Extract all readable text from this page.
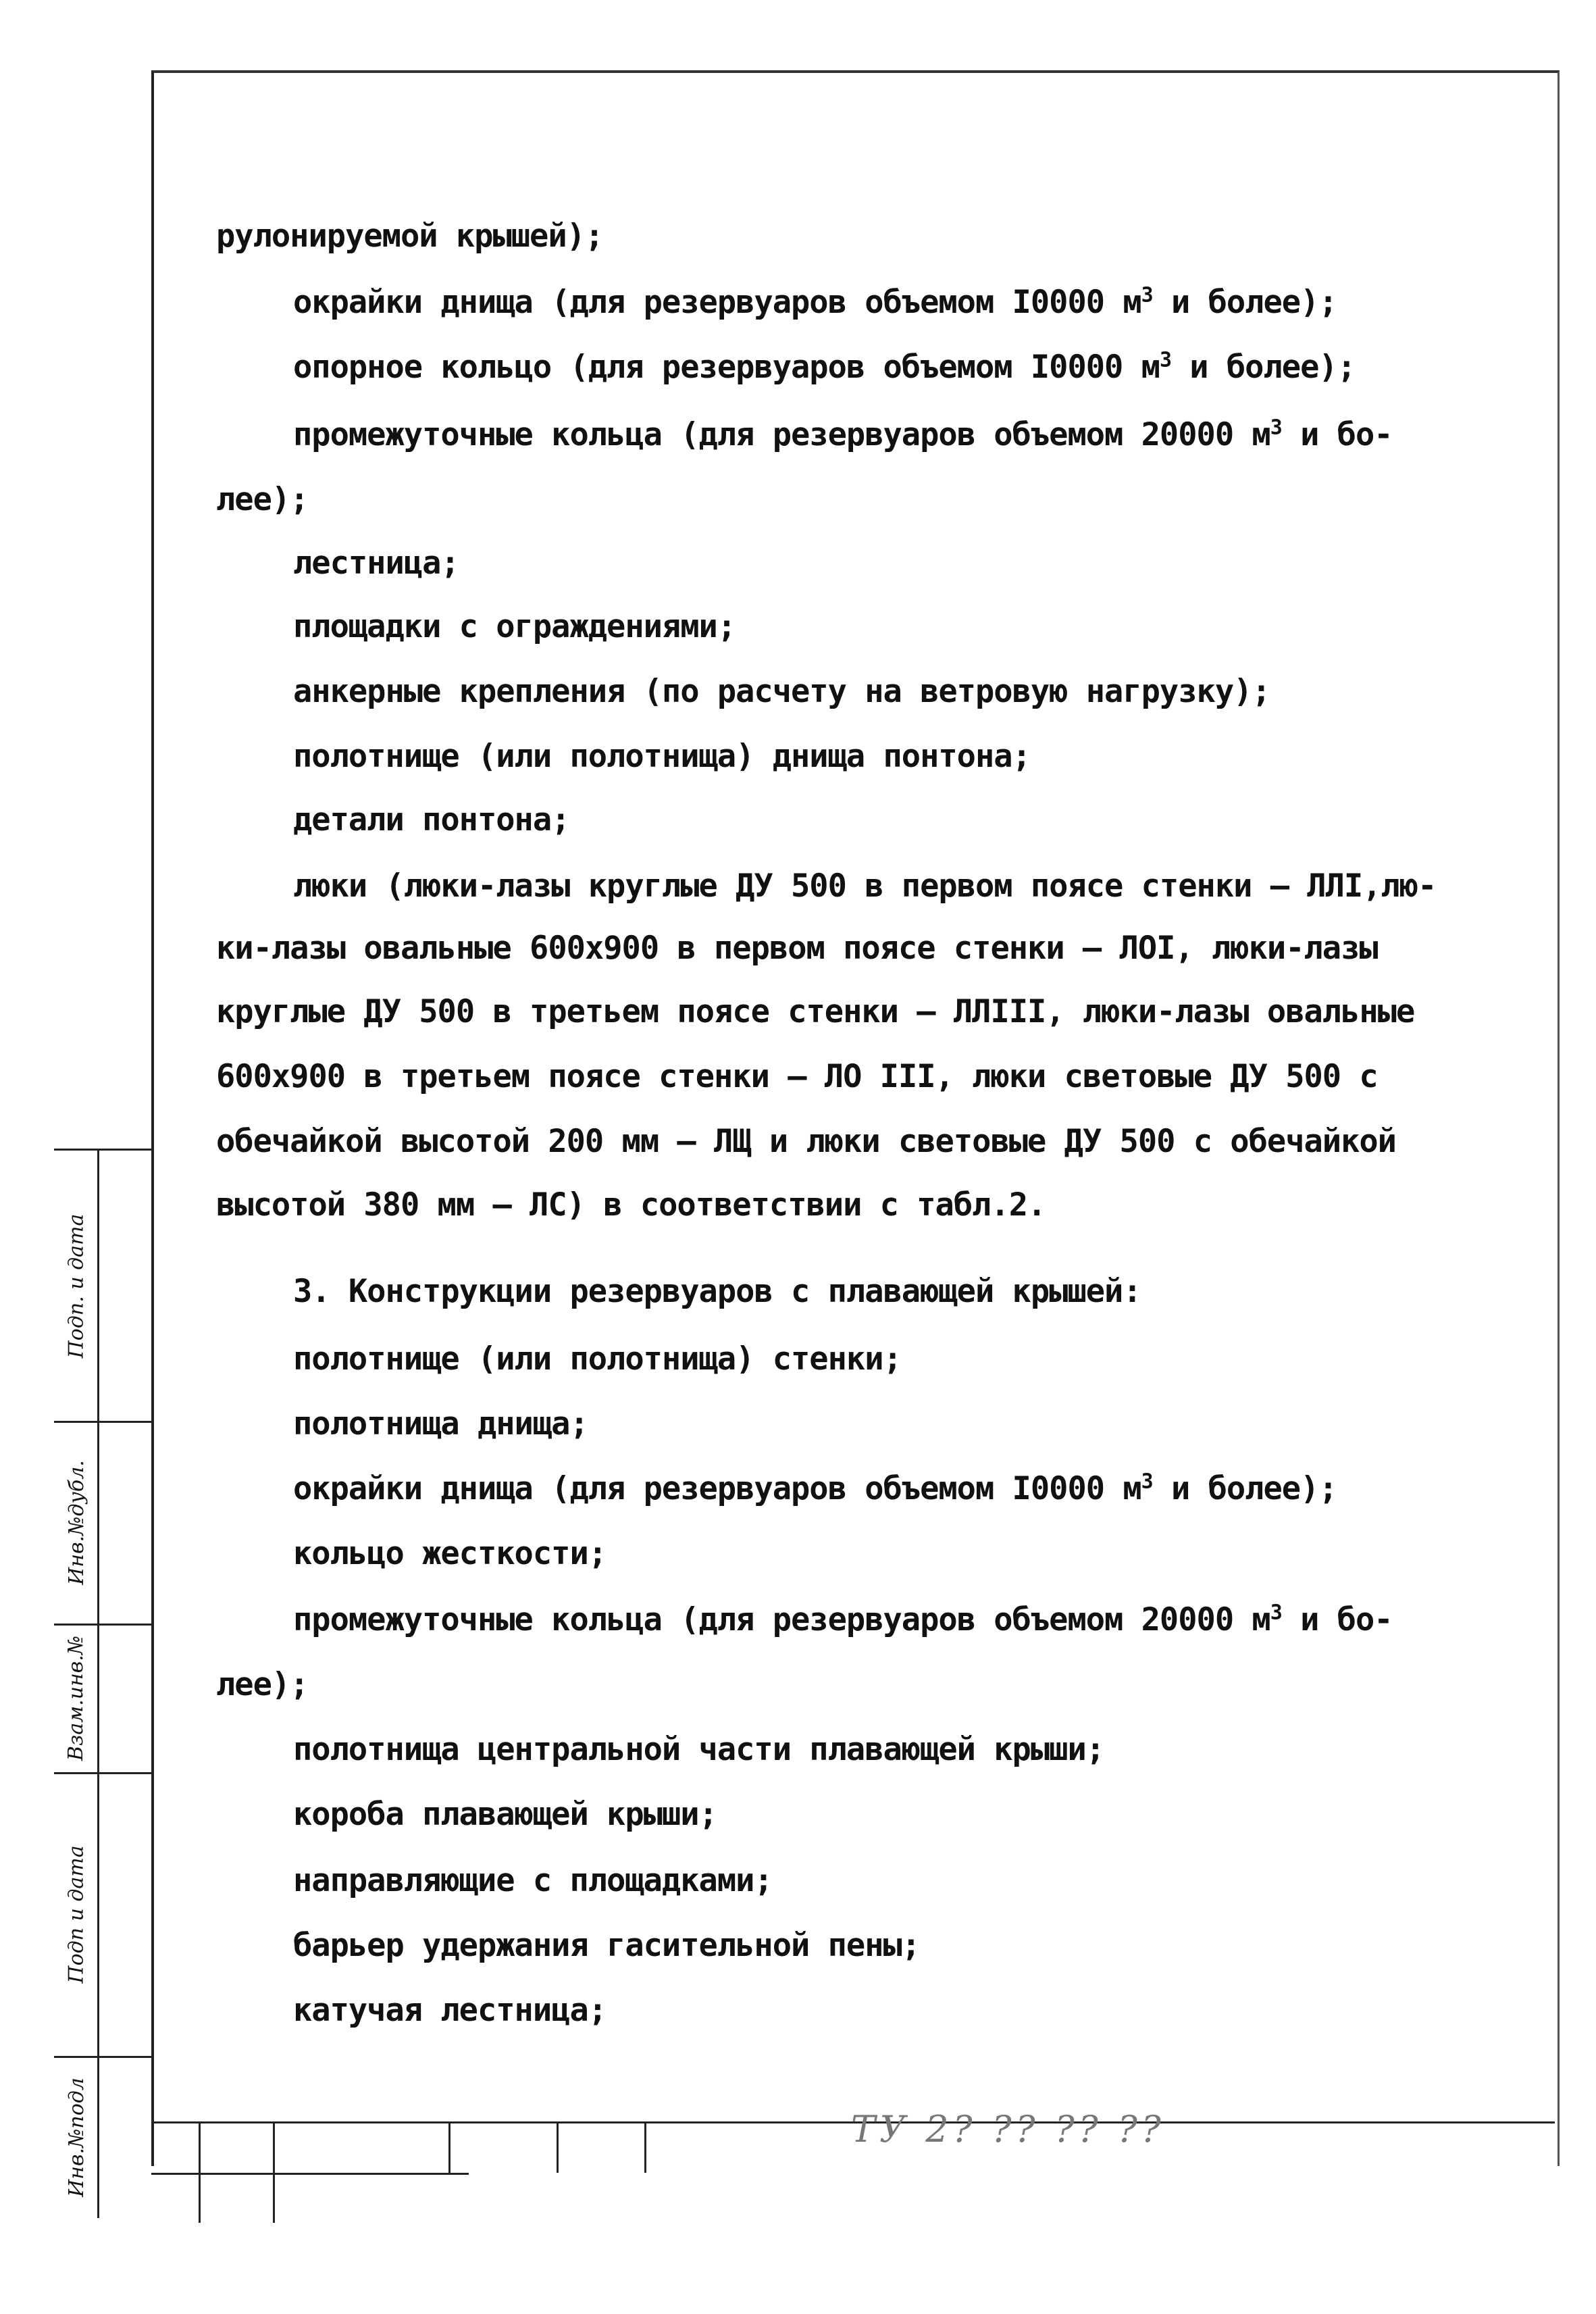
рулонируемой крышей);
окрайки днища (для резервуаров объемом I0000 $м^3$ и более);
опорное кольцо (для резервуаров объемом I0000 $м^3$ и более);
промежуточные кольца (для резервуаров объемом 20000 $м^3$ и бо-
лее);
лестница;
площадки с ограждениями;
анкерные крепления (по расчету на ветровую нагрузку);
полотнище (или полотнища) днища понтона;
детали понтона;
люки (люки-лазы круглые ДУ 500 в первом поясе стенки – ЛЛI,лю-
ки-лазы овальные 600х900 в первом поясе стенки – ЛОI, люки-лазы
круглые ДУ 500 в третьем поясе стенки – ЛЛIII, люки-лазы овальные
600х900 в третьем поясе стенки – ЛО III, люки световые ДУ 500 с
обечайкой высотой 200 мм – ЛЩ и люки световые ДУ 500 с обечайкой
высотой 380 мм – ЛС) в соответствии с табл.2.
3. Конструкции резервуаров с плавающей крышей:
полотнище (или полотнища) стенки;
полотнища днища;
окрайки днища (для резервуаров объемом I0000 $м^3$ и более);
кольцо жесткости;
промежуточные кольца (для резервуаров объемом 20000 $м^3$ и бо-
лее);
полотнища центральной части плавающей крыши;
короба плавающей крыши;
направляющие с площадками;
барьер удержания гасительной пены;
катучая лестница;
Подп. и дата
Инв.№дубл.
Взам.инв.№
Подп и дата
Инв.№подл	ТУ 2? ?? ?? ??
